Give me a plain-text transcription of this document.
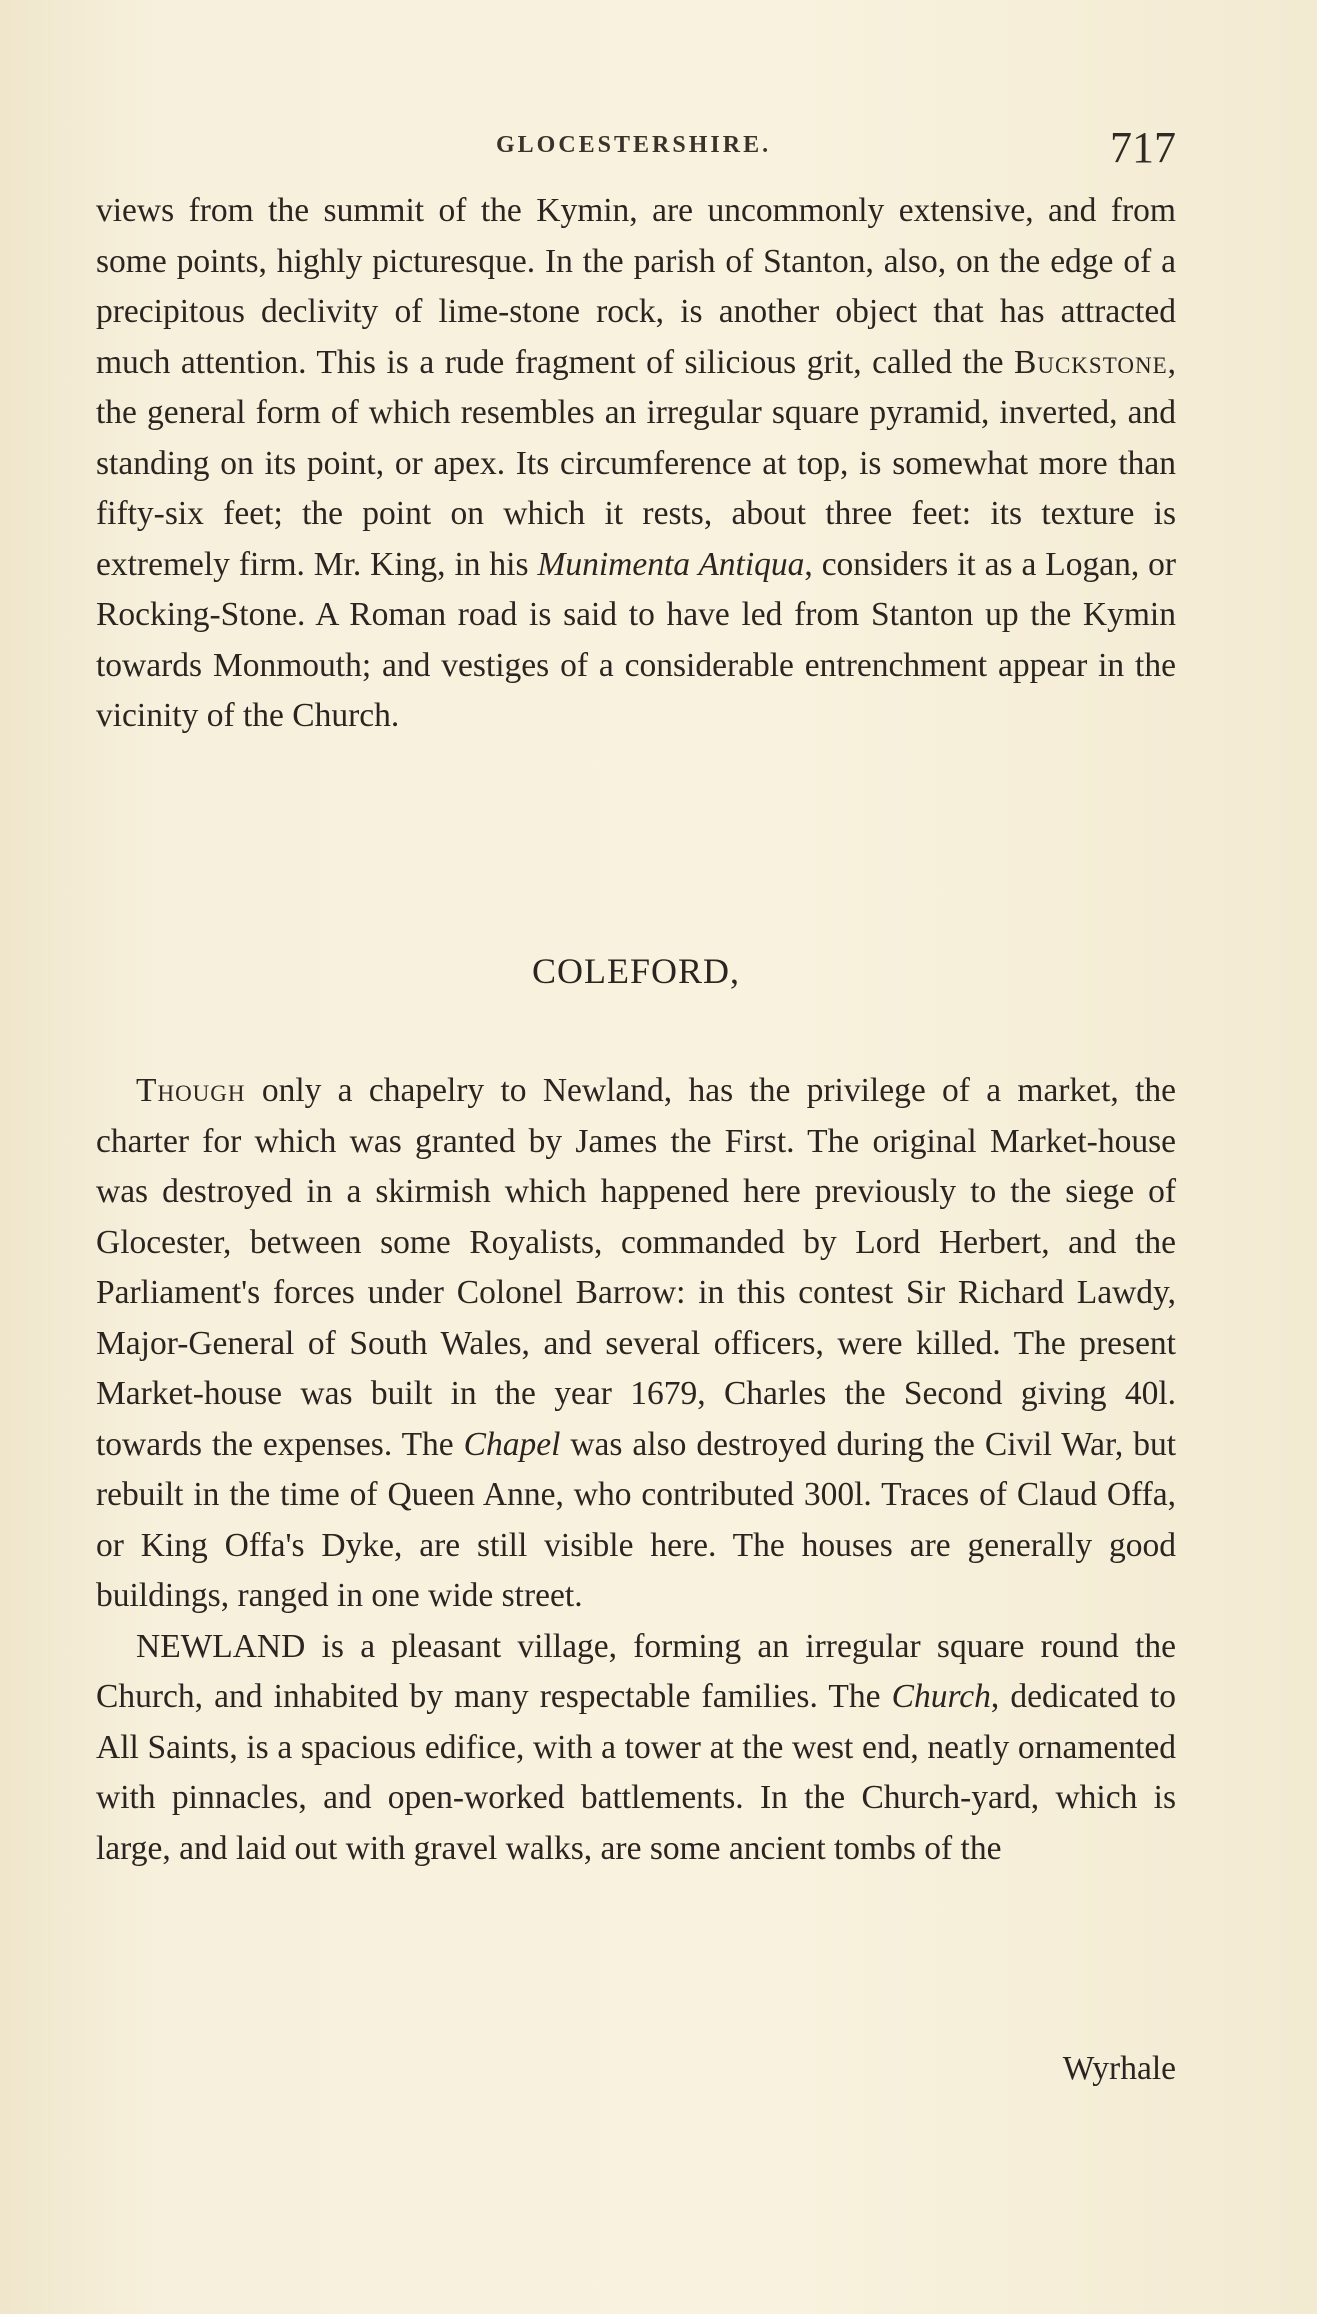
GLOCESTERSHIRE.	717

views from the summit of the Kymin, are uncommonly extensive, and from some points, highly picturesque. In the parish of Stanton, also, on the edge of a precipitous declivity of lime-stone rock, is another object that has attracted much attention. This is a rude fragment of silicious grit, called the Buckstone, the general form of which resembles an irregular square pyramid, inverted, and standing on its point, or apex. Its circumference at top, is somewhat more than fifty-six feet; the point on which it rests, about three feet: its texture is extremely firm. Mr. King, in his Munimenta Antiqua, considers it as a Logan, or Rocking-Stone. A Roman road is said to have led from Stanton up the Kymin towards Monmouth; and vestiges of a considerable entrenchment appear in the vicinity of the Church.

COLEFORD,

Though only a chapelry to Newland, has the privilege of a market, the charter for which was granted by James the First. The original Market-house was destroyed in a skirmish which happened here previously to the siege of Glocester, between some Royalists, commanded by Lord Herbert, and the Parliament's forces under Colonel Barrow: in this contest Sir Richard Lawdy, Major-General of South Wales, and several officers, were killed. The present Market-house was built in the year 1679, Charles the Second giving 40l. towards the expenses. The Chapel was also destroyed during the Civil War, but rebuilt in the time of Queen Anne, who contributed 300l. Traces of Claud Offa, or King Offa's Dyke, are still visible here. The houses are generally good buildings, ranged in one wide street.

NEWLAND is a pleasant village, forming an irregular square round the Church, and inhabited by many respectable families. The Church, dedicated to All Saints, is a spacious edifice, with a tower at the west end, neatly ornamented with pinnacles, and open-worked battlements. In the Church-yard, which is large, and laid out with gravel walks, are some ancient tombs of the

Wyrhale
